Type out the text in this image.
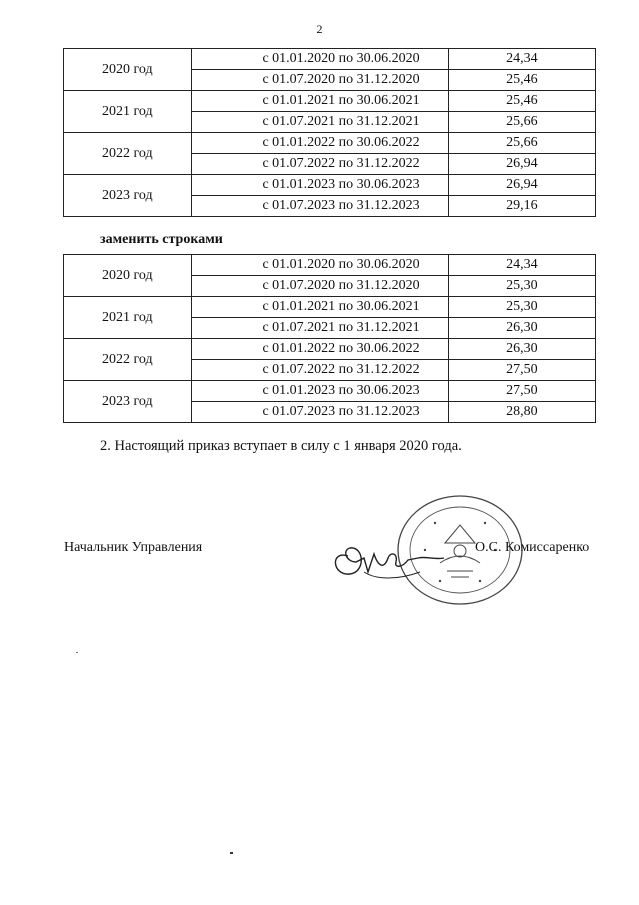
2
2020 год	с 01.01.2020 по 30.06.2020	24,34
	с 01.07.2020 по 31.12.2020	25,46
2021 год	с 01.01.2021 по 30.06.2021	25,46
	с 01.07.2021 по 31.12.2021	25,66
2022 год	с 01.01.2022 по 30.06.2022	25,66
	с 01.07.2022 по 31.12.2022	26,94
2023 год	с 01.01.2023 по 30.06.2023	26,94
	с 01.07.2023 по 31.12.2023	29,16
заменить строками
2020 год	с 01.01.2020 по 30.06.2020	24,34
	с 01.07.2020 по 31.12.2020	25,30
2021 год	с 01.01.2021 по 30.06.2021	25,30
	с 01.07.2021 по 31.12.2021	26,30
2022 год	с 01.01.2022 по 30.06.2022	26,30
	с 01.07.2022 по 31.12.2022	27,50
2023 год	с 01.01.2023 по 30.06.2023	27,50
	с 01.07.2023 по 31.12.2023	28,80
2. Настоящий приказ вступает в силу с 1 января 2020 года.
Начальник Управления	О.С. Комиссаренко
